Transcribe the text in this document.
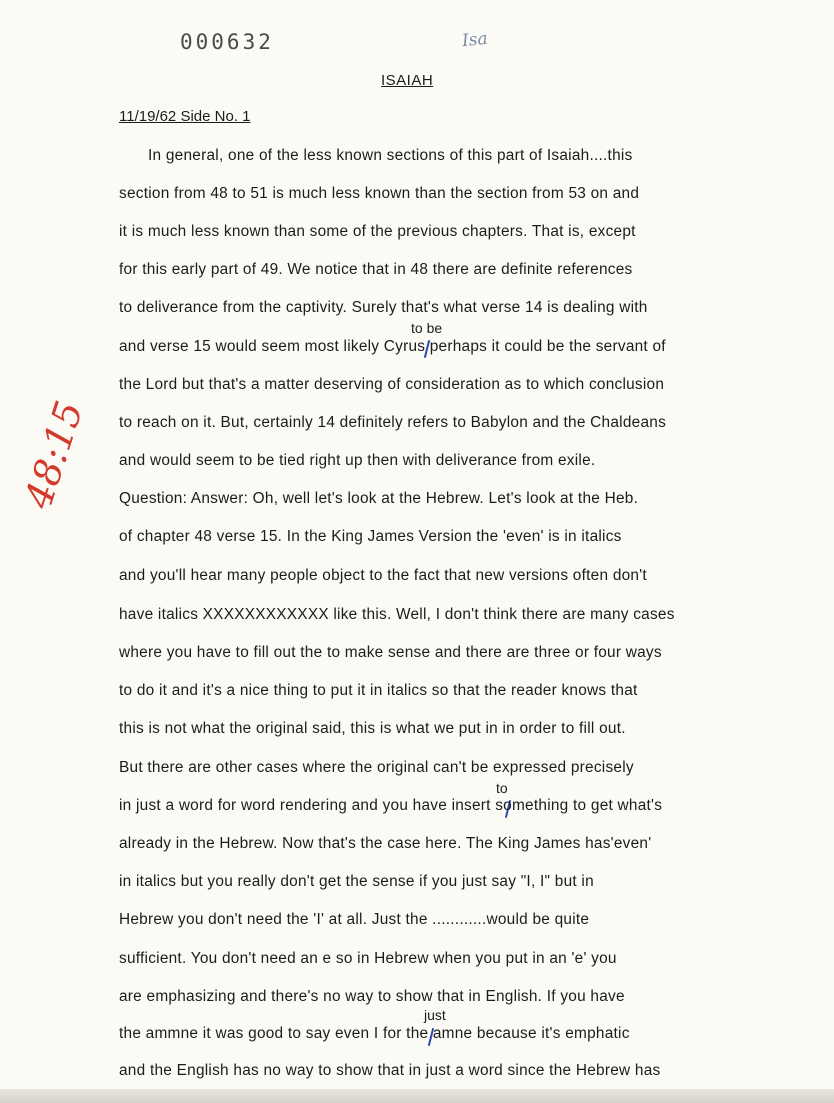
000632	Isa
ISAIAH
11/19/62 Side No. 1
48:15
to be
to
just
In general, one of the less known sections of this part of Isaiah....this
section from 48 to 51 is much less known than the section from 53 on and
it is much less known than some of the previous chapters. That is, except
for this early part of 49. We notice that in 48 there are definite references
to deliverance from the captivity. Surely that's what verse 14 is dealing with
and verse 15 would seem most likely Cyrus perhaps it could be the servant of
the Lord but that's a matter deserving of consideration as to which conclusion
to reach on it. But, certainly 14 definitely refers to Babylon and the Chaldeans
and would seem to be tied right up then with deliverance from exile.
Question: Answer: Oh, well let's look at the Hebrew. Let's look at the Heb.
of chapter 48 verse 15. In the King James Version the 'even' is in italics
and you'll hear many people object to the fact that new versions often don't
have italics XXXXXXXXXXXX like this. Well, I don't think there are many cases
where you have to fill out the to make sense and there are three or four ways
to do it and it's a nice thing to put it in italics so that the reader knows that
this is not what the original said, this is what we put in in order to fill out.
But there are other cases where the original can't be expressed precisely
in just a word for word rendering and you have insert something to get what's
already in the Hebrew. Now that's the case here. The King James has'even'
in italics but you really don't get the sense if you just say "I, I" but in
Hebrew you don't need the 'I' at all. Just the ............would be quite
sufficient. You don't need an e so in Hebrew when you put in an 'e' you
are emphasizing and there's no way to show that in English. If you have
the ammne it was good to say even I for the amne because it's emphatic
and the English has no way to show that in just a word since the Hebrew has
